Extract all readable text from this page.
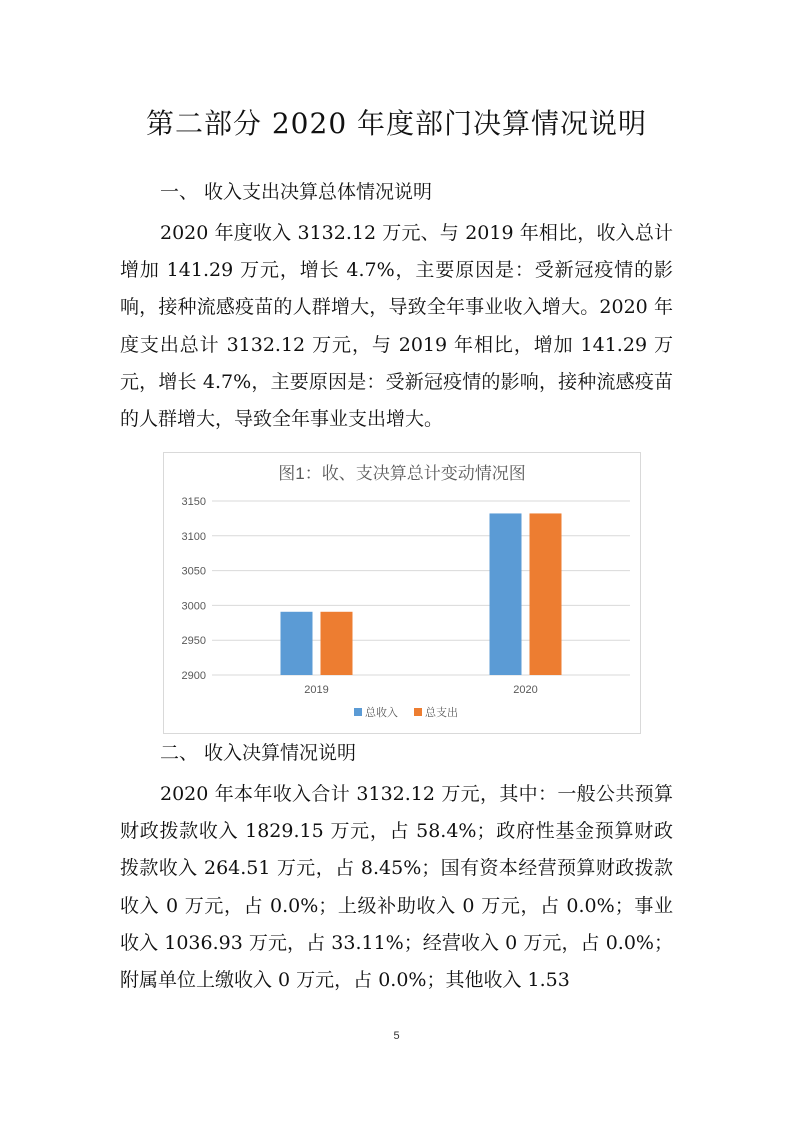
第二部分 2020 年度部门决算情况说明
一、 收入支出决算总体情况说明

2020 年度收入 3132.12 万元、与 2019 年相比，收入总计增加 141.29 万元，增长 4.7%，主要原因是：受新冠疫情的影响，接种流感疫苗的人群增大，导致全年事业收入增大。2020 年度支出总计 3132.12 万元，与 2019 年相比，增加 141.29 万元，增长 4.7%，主要原因是：受新冠疫情的影响，接种流感疫苗的人群增大，导致全年事业支出增大。

图1：收、支决算总计变动情况图
2900
2950
3000
3050
3100
3150
2019	2020
总收入 总支出
二、 收入决算情况说明

2020 年本年收入合计 3132.12 万元，其中：一般公共预算财政拨款收入 1829.15 万元，占 58.4%；政府性基金预算财政拨款收入 264.51 万元，占 8.45%；国有资本经营预算财政拨款收入 0 万元，占 0.0%；上级补助收入 0 万元，占 0.0%；事业收入 1036.93 万元，占 33.11%；经营收入 0 万元，占 0.0%；附属单位上缴收入 0 万元，占 0.0%；其他收入 1.53

5
